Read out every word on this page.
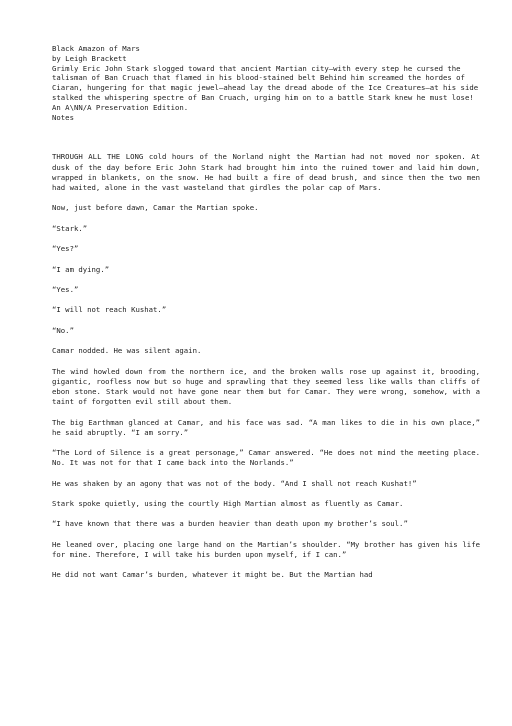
Black Amazon of Mars
by Leigh Brackett
Grimly Eric John Stark slogged toward that ancient Martian city—with every step he cursed the talisman of Ban Cruach that flamed in his blood-stained belt Behind him screamed the hordes of Ciaran, hungering for that magic jewel—ahead lay the dread abode of the Ice Creatures—at his side stalked the whispering spectre of Ban Cruach, urging him on to a battle Stark knew he must lose!
An A\NN/A Preservation Edition.
Notes

THROUGH ALL THE LONG cold hours of the Norland night the Martian had not moved nor spoken. At dusk of the day before Eric John Stark had brought him into the ruined tower and laid him down, wrapped in blankets, on the snow. He had built a fire of dead brush, and since then the two men had waited, alone in the vast wasteland that girdles the polar cap of Mars.

Now, just before dawn, Camar the Martian spoke.

“Stark.”

“Yes?”

“I am dying.”

“Yes.”

“I will not reach Kushat.”

“No.”

Camar nodded. He was silent again.

The wind howled down from the northern ice, and the broken walls rose up against it, brooding, gigantic, roofless now but so huge and sprawling that they seemed less like walls than cliffs of ebon stone. Stark would not have gone near them but for Camar. They were wrong, somehow, with a taint of forgotten evil still about them.

The big Earthman glanced at Camar, and his face was sad. “A man likes to die in his own place,” he said abruptly. “I am sorry.”

“The Lord of Silence is a great personage,” Camar answered. “He does not mind the meeting place. No. It was not for that I came back into the Norlands.”

He was shaken by an agony that was not of the body. “And I shall not reach Kushat!”

Stark spoke quietly, using the courtly High Martian almost as fluently as Camar.

“I have known that there was a burden heavier than death upon my brother’s soul.”

He leaned over, placing one large hand on the Martian’s shoulder. “My brother has given his life for mine. Therefore, I will take his burden upon myself, if I can.”

He did not want Camar’s burden, whatever it might be. But the Martian had
